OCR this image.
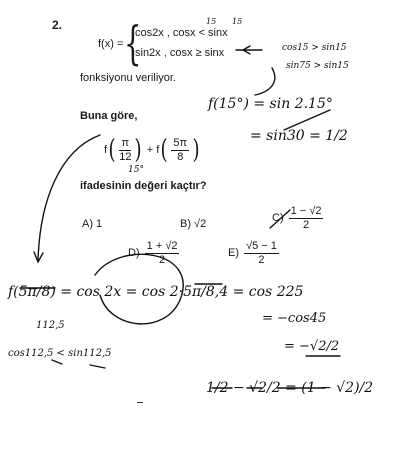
2.
f(x) = {
cos2x , cosx < sinx
sin2x , cosx ≥ sinx
fonksiyonu veriliyor.
Buna göre,
$f( \frac{\pi}{12}$ ) + $f( \frac{5\pi}{8}$ )
ifadesinin değeri kaçtır?
A) 1	B) √2	$C) \frac{1 - √2}{2}$
$D) \frac{1 + √2}{2}$	$E) \frac{√5 - 1}{2}$
15 15
cos15 > sin15
sin75 > sin15
f(15°) = sin 2.15°
= sin30 = 1/2
15°
f(5π/8) = cos 2x = cos 2·5π/8,4 = cos 225
= −cos45
= −√2/2
112,5
cos112,5 < sin112,5
1/2 − √2/2 = (1 − √2)/2
